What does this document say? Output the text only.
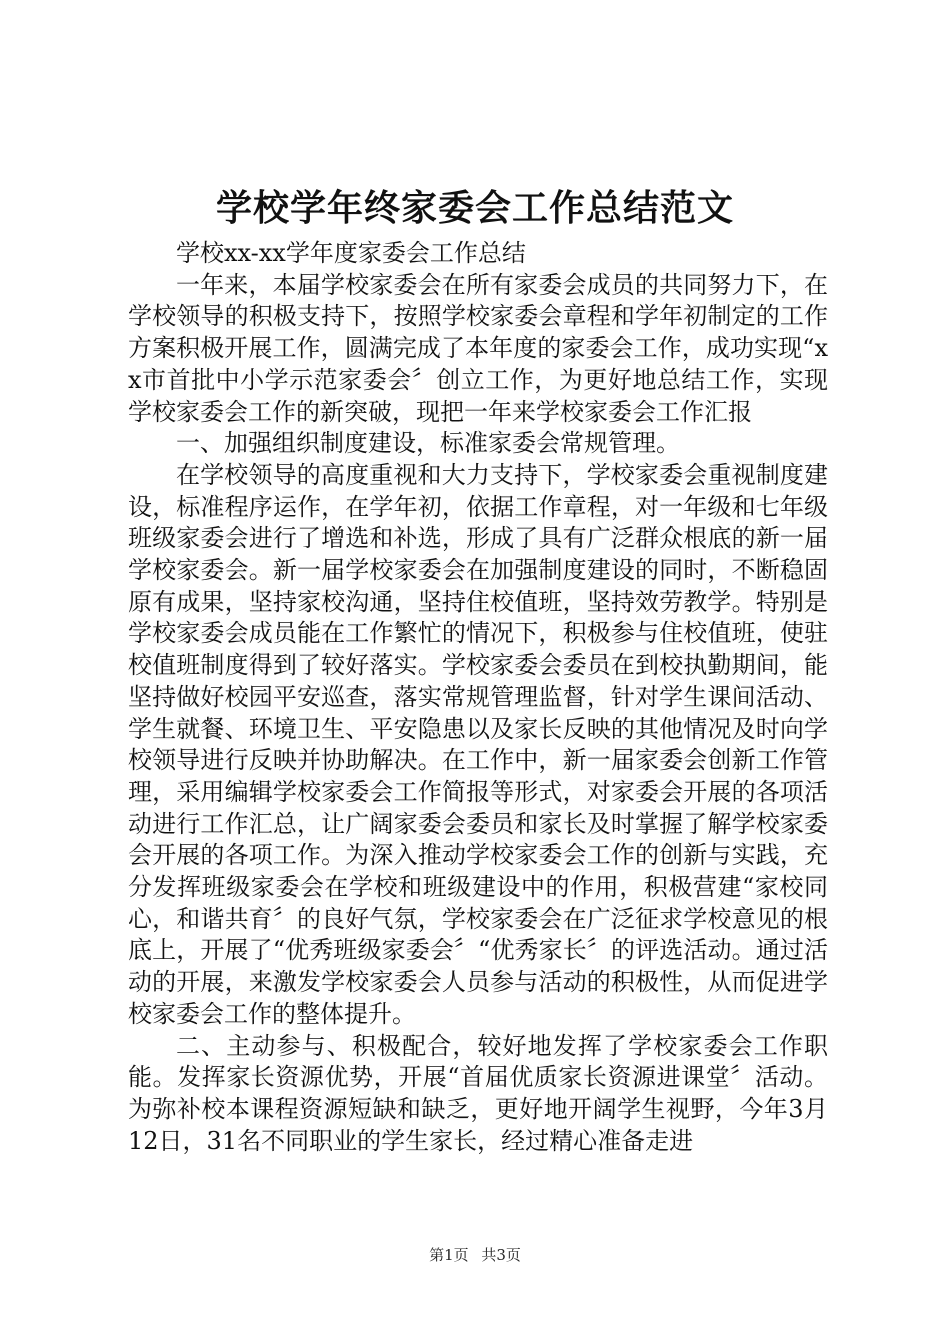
学校学年终家委会工作总结范文

学校xx-xx学年度家委会工作总结

一年来，本届学校家委会在所有家委会成员的共同努力下，在学校领导的积极支持下，按照学校家委会章程和学年初制定的工作方案积极开展工作，圆满完成了本年度的家委会工作，成功实现“xx市首批中小学示范家委会〞创立工作，为更好地总结工作，实现学校家委会工作的新突破，现把一年来学校家委会工作汇报

一、加强组织制度建设，标准家委会常规管理。

在学校领导的高度重视和大力支持下，学校家委会重视制度建设，标准程序运作，在学年初，依据工作章程，对一年级和七年级班级家委会进行了增选和补选，形成了具有广泛群众根底的新一届学校家委会。新一届学校家委会在加强制度建设的同时，不断稳固原有成果，坚持家校沟通，坚持住校值班，坚持效劳教学。特别是学校家委会成员能在工作繁忙的情况下，积极参与住校值班，使驻校值班制度得到了较好落实。学校家委会委员在到校执勤期间，能坚持做好校园平安巡查，落实常规管理监督，针对学生课间活动、学生就餐、环境卫生、平安隐患以及家长反映的其他情况及时向学校领导进行反映并协助解决。在工作中，新一届家委会创新工作管理，采用编辑学校家委会工作简报等形式，对家委会开展的各项活动进行工作汇总，让广阔家委会委员和家长及时掌握了解学校家委会开展的各项工作。为深入推动学校家委会工作的创新与实践，充分发挥班级家委会在学校和班级建设中的作用，积极营建“家校同心，和谐共育〞的良好气氛，学校家委会在广泛征求学校意见的根底上，开展了“优秀班级家委会〞“优秀家长〞的评选活动。通过活动的开展，来激发学校家委会人员参与活动的积极性，从而促进学校家委会工作的整体提升。

二、主动参与、积极配合，较好地发挥了学校家委会工作职能。发挥家长资源优势，开展“首届优质家长资源进课堂〞活动。为弥补校本课程资源短缺和缺乏，更好地开阔学生视野，今年3月12日，31名不同职业的学生家长，经过精心准备走进

第1页 共3页
